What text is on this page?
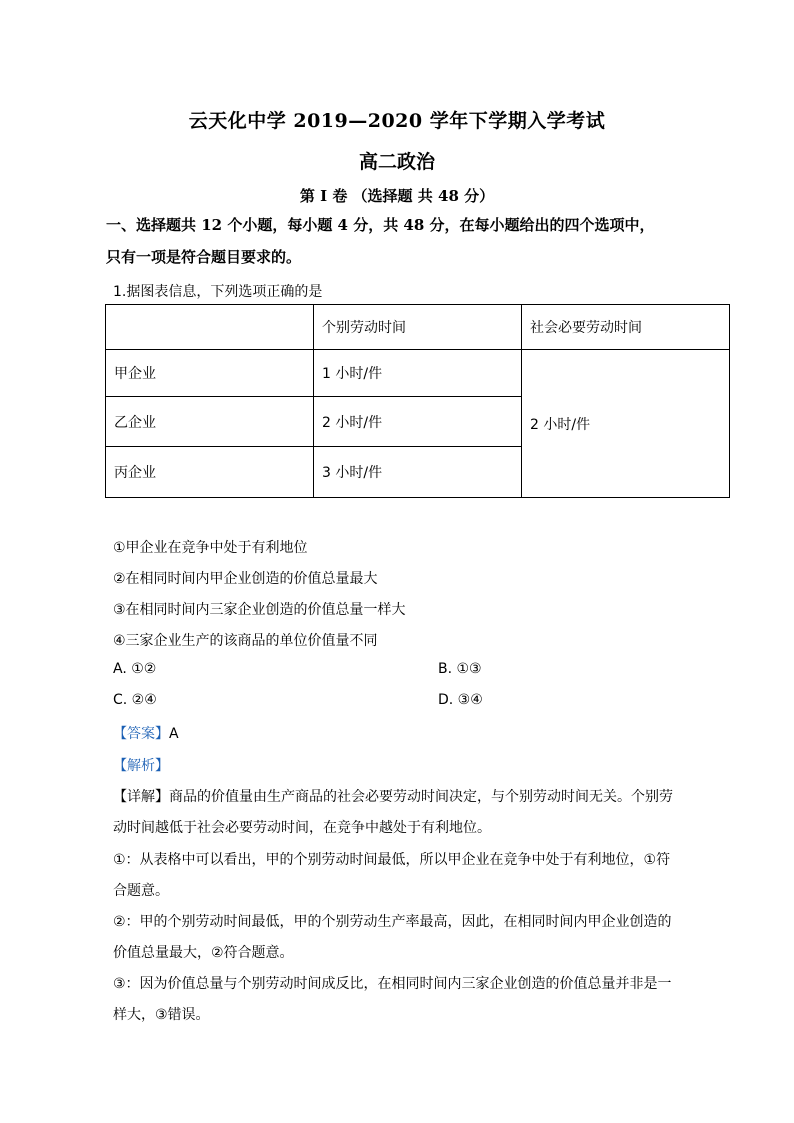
云天化中学 2019—2020 学年下学期入学考试
高二政治
第 I 卷 （选择题 共 48 分）
一、选择题共 12 个小题，每小题 4 分，共 48 分，在每小题给出的四个选项中，
只有一项是符合题目要求的。
1.据图表信息，下列选项正确的是
	个别劳动时间	社会必要劳动时间
甲企业	1 小时/件	2 小时/件
乙企业	2 小时/件	
丙企业	3 小时/件	
①甲企业在竞争中处于有利地位
②在相同时间内甲企业创造的价值总量最大
③在相同时间内三家企业创造的价值总量一样大
④三家企业生产的该商品的单位价值量不同
A. ①②	B. ①③
C. ②④	D. ③④
【答案】A
【解析】
【详解】商品的价值量由生产商品的社会必要劳动时间决定，与个别劳动时间无关。个别劳
动时间越低于社会必要劳动时间，在竞争中越处于有利地位。
①：从表格中可以看出，甲的个别劳动时间最低，所以甲企业在竞争中处于有利地位，①符
合题意。
②：甲的个别劳动时间最低，甲的个别劳动生产率最高，因此，在相同时间内甲企业创造的
价值总量最大，②符合题意。
③：因为价值总量与个别劳动时间成反比，在相同时间内三家企业创造的价值总量并非是一
样大，③错误。
